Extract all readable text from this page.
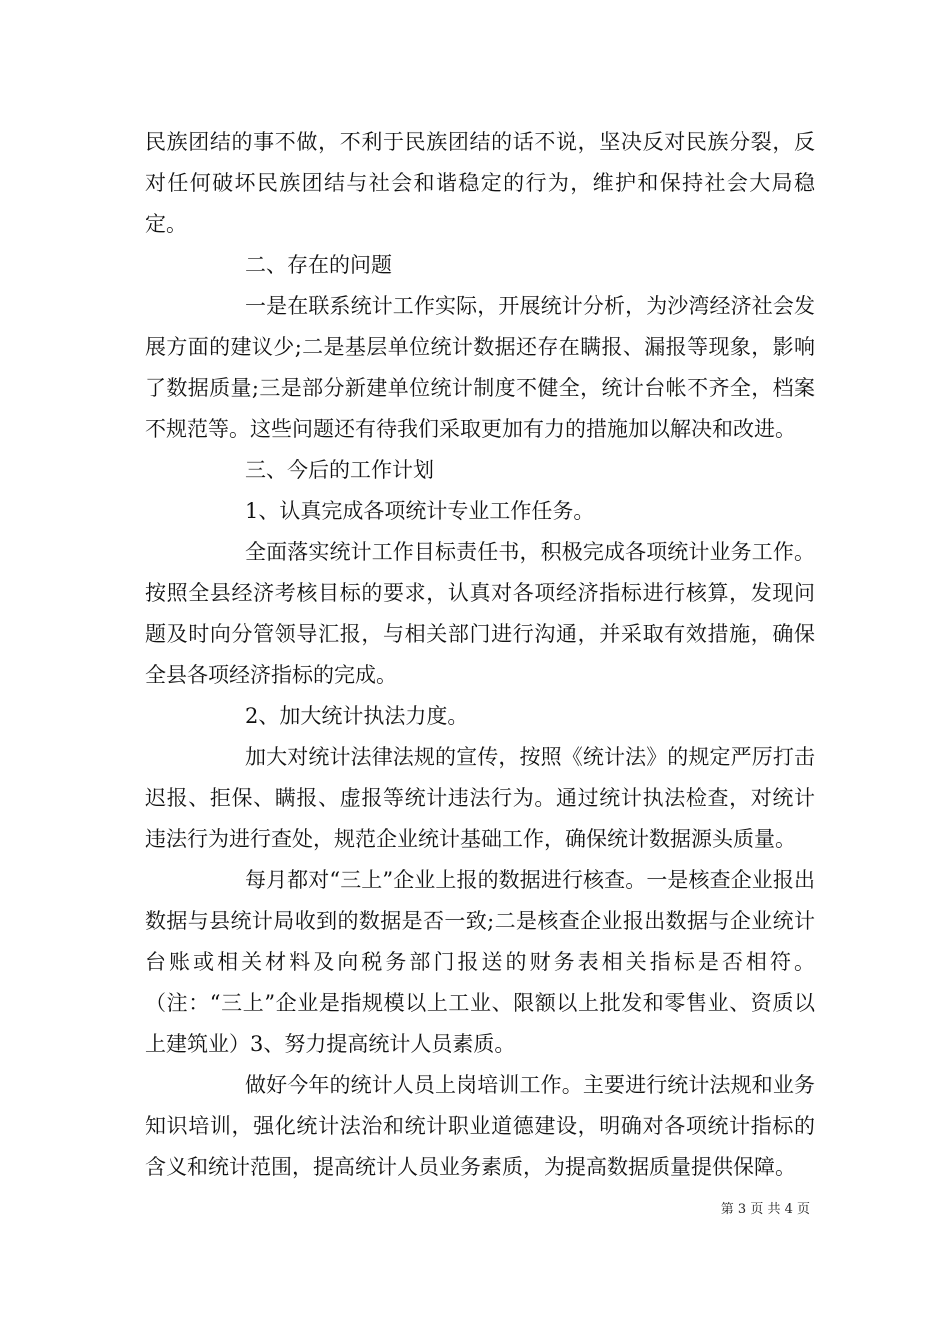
民族团结的事不做，不利于民族团结的话不说，坚决反对民族分裂，反对任何破坏民族团结与社会和谐稳定的行为，维护和保持社会大局稳定。

二、存在的问题

一是在联系统计工作实际，开展统计分析，为沙湾经济社会发展方面的建议少;二是基层单位统计数据还存在瞒报、漏报等现象，影响了数据质量;三是部分新建单位统计制度不健全，统计台帐不齐全，档案不规范等。这些问题还有待我们采取更加有力的措施加以解决和改进。

三、今后的工作计划

1、认真完成各项统计专业工作任务。

全面落实统计工作目标责任书，积极完成各项统计业务工作。按照全县经济考核目标的要求，认真对各项经济指标进行核算，发现问题及时向分管领导汇报，与相关部门进行沟通，并采取有效措施，确保全县各项经济指标的完成。

2、加大统计执法力度。

加大对统计法律法规的宣传，按照《统计法》的规定严厉打击迟报、拒保、瞒报、虚报等统计违法行为。通过统计执法检查，对统计违法行为进行查处，规范企业统计基础工作，确保统计数据源头质量。

每月都对“三上”企业上报的数据进行核查。一是核查企业报出数据与县统计局收到的数据是否一致;二是核查企业报出数据与企业统计台账或相关材料及向税务部门报送的财务表相关指标是否相符。（注：“三上”企业是指规模以上工业、限额以上批发和零售业、资质以上建筑业）3、努力提高统计人员素质。

做好今年的统计人员上岗培训工作。主要进行统计法规和业务知识培训，强化统计法治和统计职业道德建设，明确对各项统计指标的含义和统计范围，提高统计人员业务素质，为提高数据质量提供保障。

第 3 页 共 4 页
